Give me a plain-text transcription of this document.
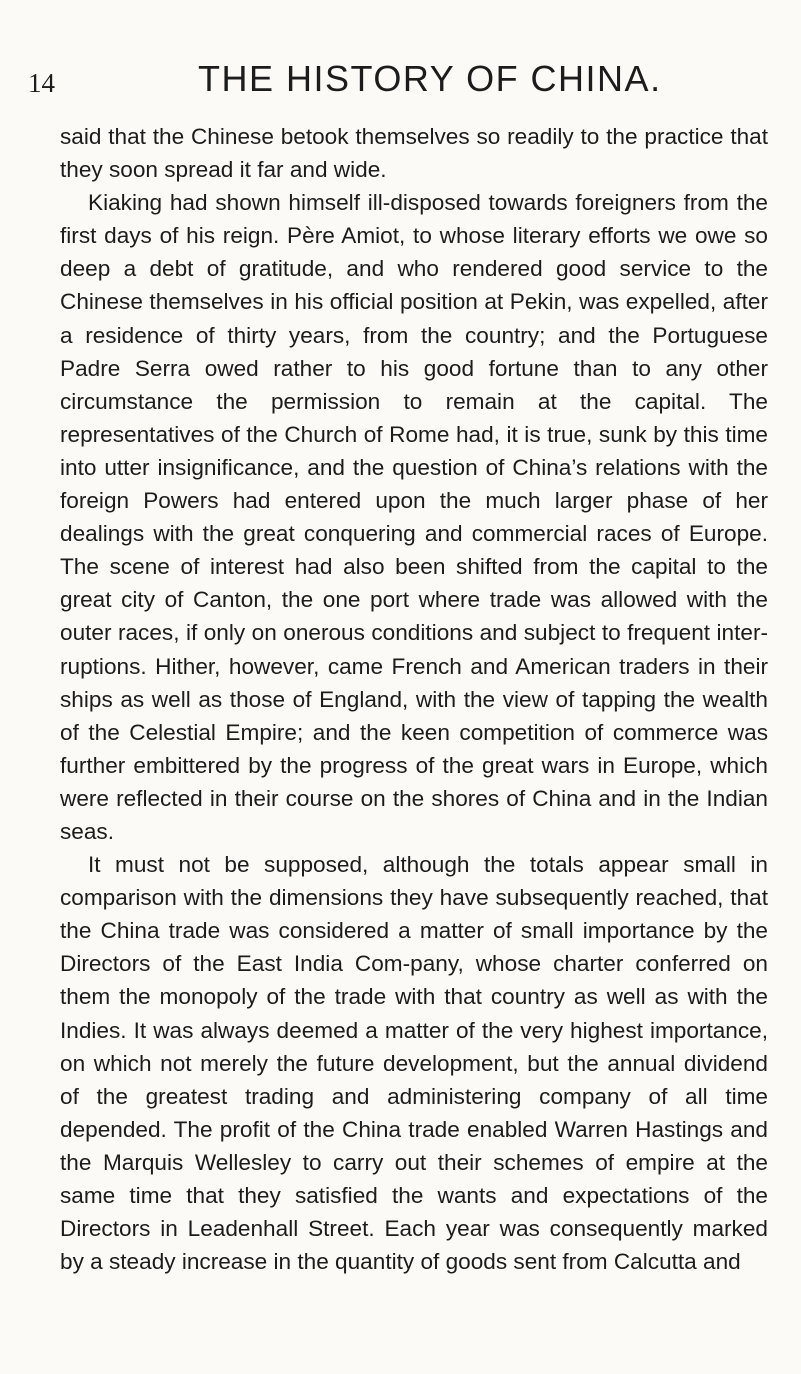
14	THE HISTORY OF CHINA.

said that the Chinese betook themselves so readily to the practice that they soon spread it far and wide.

Kiaking had shown himself ill-disposed towards foreigners from the first days of his reign. Père Amiot, to whose literary efforts we owe so deep a debt of gratitude, and who rendered good service to the Chinese themselves in his official position at Pekin, was expelled, after a residence of thirty years, from the country; and the Portuguese Padre Serra owed rather to his good fortune than to any other circumstance the permission to remain at the capital. The representatives of the Church of Rome had, it is true, sunk by this time into utter insignificance, and the question of China’s relations with the foreign Powers had entered upon the much larger phase of her dealings with the great conquering and commercial races of Europe. The scene of interest had also been shifted from the capital to the great city of Canton, the one port where trade was allowed with the outer races, if only on onerous conditions and subject to frequent inter-ruptions. Hither, however, came French and American traders in their ships as well as those of England, with the view of tapping the wealth of the Celestial Empire; and the keen competition of commerce was further embittered by the progress of the great wars in Europe, which were reflected in their course on the shores of China and in the Indian seas.

It must not be supposed, although the totals appear small in comparison with the dimensions they have subsequently reached, that the China trade was considered a matter of small importance by the Directors of the East India Com-pany, whose charter conferred on them the monopoly of the trade with that country as well as with the Indies. It was always deemed a matter of the very highest importance, on which not merely the future development, but the annual dividend of the greatest trading and administering company of all time depended. The profit of the China trade enabled Warren Hastings and the Marquis Wellesley to carry out their schemes of empire at the same time that they satisfied the wants and expectations of the Directors in Leadenhall Street. Each year was consequently marked by a steady increase in the quantity of goods sent from Calcutta and
